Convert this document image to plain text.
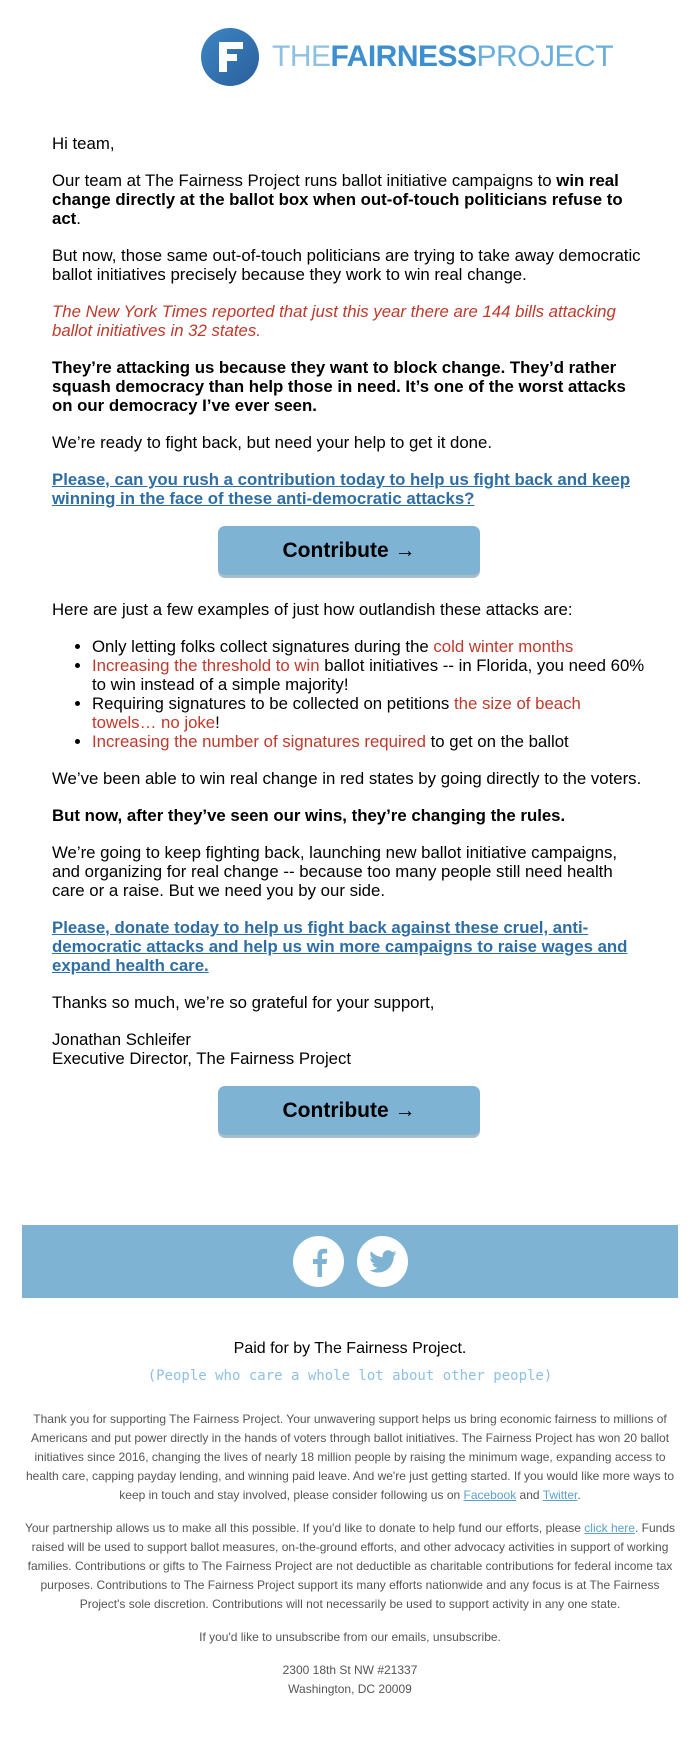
THEFAIRNESSPROJECT

Hi team,

Our team at The Fairness Project runs ballot initiative campaigns to win real change directly at the ballot box when out-of-touch politicians refuse to act.

But now, those same out-of-touch politicians are trying to take away democratic ballot initiatives precisely because they work to win real change.

The New York Times reported that just this year there are 144 bills attacking ballot initiatives in 32 states.

They’re attacking us because they want to block change. They’d rather squash democracy than help those in need. It’s one of the worst attacks on our democracy I’ve ever seen.

We’re ready to fight back, but need your help to get it done.

Please, can you rush a contribution today to help us fight back and keep winning in the face of these anti-democratic attacks?

Contribute →

Here are just a few examples of just how outlandish these attacks are:

• Only letting folks collect signatures during the cold winter months
• Increasing the threshold to win ballot initiatives -- in Florida, you need 60% to win instead of a simple majority!
• Requiring signatures to be collected on petitions the size of beach towels… no joke!
• Increasing the number of signatures required to get on the ballot

We’ve been able to win real change in red states by going directly to the voters.

But now, after they’ve seen our wins, they’re changing the rules.

We’re going to keep fighting back, launching new ballot initiative campaigns, and organizing for real change -- because too many people still need health care or a raise. But we need you by our side.

Please, donate today to help us fight back against these cruel, anti-democratic attacks and help us win more campaigns to raise wages and expand health care.

Thanks so much, we’re so grateful for your support,

Jonathan Schleifer
Executive Director, The Fairness Project

Contribute →

Paid for by The Fairness Project.

(People who care a whole lot about other people)

Thank you for supporting The Fairness Project. Your unwavering support helps us bring economic fairness to millions of Americans and put power directly in the hands of voters through ballot initiatives. The Fairness Project has won 20 ballot initiatives since 2016, changing the lives of nearly 18 million people by raising the minimum wage, expanding access to health care, capping payday lending, and winning paid leave. And we're just getting started. If you would like more ways to keep in touch and stay involved, please consider following us on Facebook and Twitter.

Your partnership allows us to make all this possible. If you'd like to donate to help fund our efforts, please click here. Funds raised will be used to support ballot measures, on-the-ground efforts, and other advocacy activities in support of working families. Contributions or gifts to The Fairness Project are not deductible as charitable contributions for federal income tax purposes. Contributions to The Fairness Project support its many efforts nationwide and any focus is at The Fairness Project's sole discretion. Contributions will not necessarily be used to support activity in any one state.

If you'd like to unsubscribe from our emails, unsubscribe.

2300 18th St NW #21337
Washington, DC 20009
